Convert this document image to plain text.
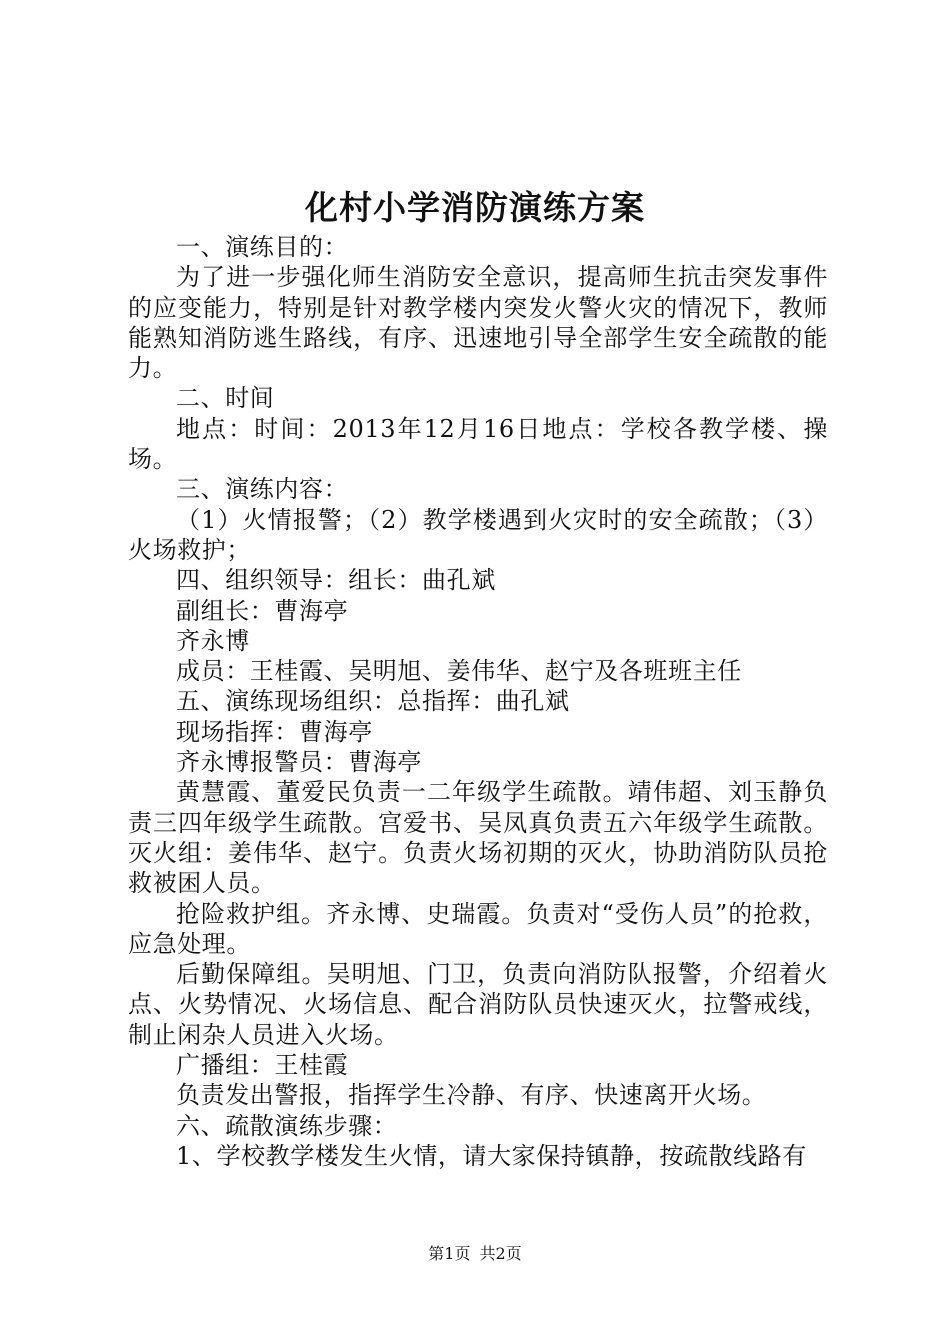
化村小学消防演练方案

一、演练目的：

为了进一步强化师生消防安全意识，提高师生抗击突发事件的应变能力，特别是针对教学楼内突发火警火灾的情况下，教师能熟知消防逃生路线，有序、迅速地引导全部学生安全疏散的能力。

二、时间

地点：时间：2013年12月16日地点：学校各教学楼、操场。

三、演练内容：

（1）火情报警；（2）教学楼遇到火灾时的安全疏散；（3）火场救护；

四、组织领导：组长：曲孔斌

副组长：曹海亭

齐永博

成员：王桂霞、吴明旭、姜伟华、赵宁及各班班主任

五、演练现场组织：总指挥：曲孔斌

现场指挥：曹海亭

齐永博报警员：曹海亭

黄慧霞、董爱民负责一二年级学生疏散。靖伟超、刘玉静负责三四年级学生疏散。宫爱书、吴凤真负责五六年级学生疏散。灭火组：姜伟华、赵宁。负责火场初期的灭火，协助消防队员抢救被困人员。

抢险救护组。齐永博、史瑞霞。负责对“受伤人员”的抢救，应急处理。

后勤保障组。吴明旭、门卫，负责向消防队报警，介绍着火点、火势情况、火场信息、配合消防队员快速灭火，拉警戒线，制止闲杂人员进入火场。

广播组：王桂霞

负责发出警报，指挥学生冷静、有序、快速离开火场。

六、疏散演练步骤：

1、学校教学楼发生火情，请大家保持镇静，按疏散线路有

第1页 共2页
